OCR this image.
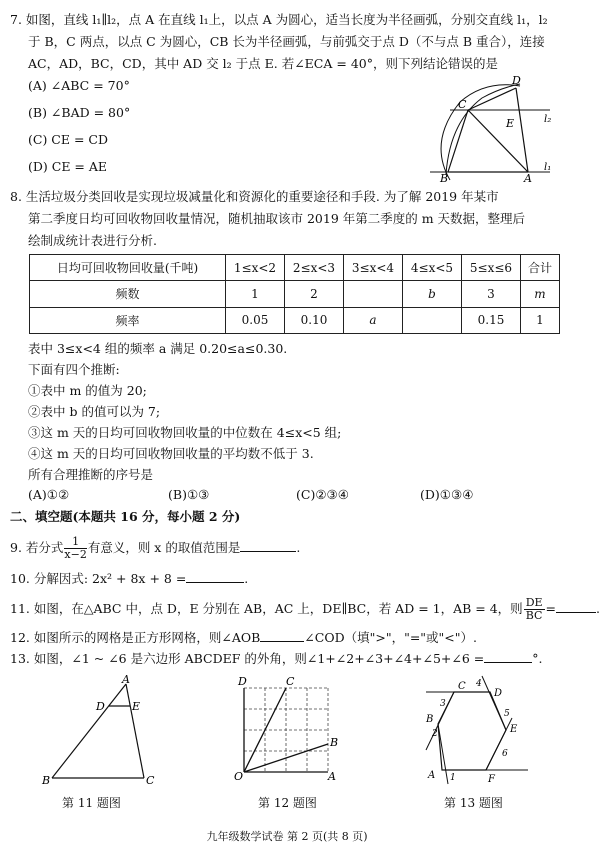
7. 如图，直线 l₁∥l₂，点 A 在直线 l₁上，以点 A 为圆心，适当长度为半径画弧，分别交直线 l₁，l₂
于 B，C 两点，以点 C 为圆心，CB 长为半径画弧，与前弧交于点 D（不与点 B 重合），连接
AC，AD，BC，CD，其中 AD 交 l₂ 于点 E. 若∠ECA = 40°，则下列结论错误的是
(A) ∠ABC = 70°
(B) ∠BAD = 80°
(C) CE = CD
(D) CE = AE
D
C
E
B	A
l₂
l₁
8. 生活垃圾分类回收是实现垃圾减量化和资源化的重要途径和手段. 为了解 2019 年某市
第二季度日均可回收物回收量情况，随机抽取该市 2019 年第二季度的 m 天数据，整理后
绘制成统计表进行分析.
日均可回收物回收量(千吨)	1≤x<2	2≤x<3	3≤x<4	4≤x<5	5≤x≤6	合计
频数	1	2		b	3	m
频率	0.05	0.10	a		0.15	1
表中 3≤x<4 组的频率 a 满足 0.20≤a≤0.30.
下面有四个推断:
①表中 m 的值为 20;
②表中 b 的值可以为 7;
③这 m 天的日均可回收物回收量的中位数在 4≤x<5 组;
④这 m 天的日均可回收物回收量的平均数不低于 3.
所有合理推断的序号是
(A)①②	(B)①③	(C)②③④	(D)①③④
二、填空题(本题共 16 分，每小题 2 分)
9. 若分式 $\frac{1}{x-2}$ 有意义，则 x 的取值范围是	.
10. 分解因式: 2x² + 8x + 8 =	.
11. 如图，在△ABC 中，点 D，E 分别在 AB，AC 上，DE∥BC，若 AD = 1，AB = 4，则 $\frac{DE}{BC}$ =	.
12. 如图所示的网格是正方形网格，则∠AOB	∠COD（填">"，"="或"<"）.
13. 如图，∠1 ~ ∠6 是六边形 ABCDEF 的外角，则∠1+∠2+∠3+∠4+∠5+∠6 =	°.
A
D E
B	C
第 11 题图
D	C
B
O	A
第 12 题图
C
D
B
E
A	F
1
2
3
4
5
6
第 13 题图
九年级数学试卷 第 2 页(共 8 页)
